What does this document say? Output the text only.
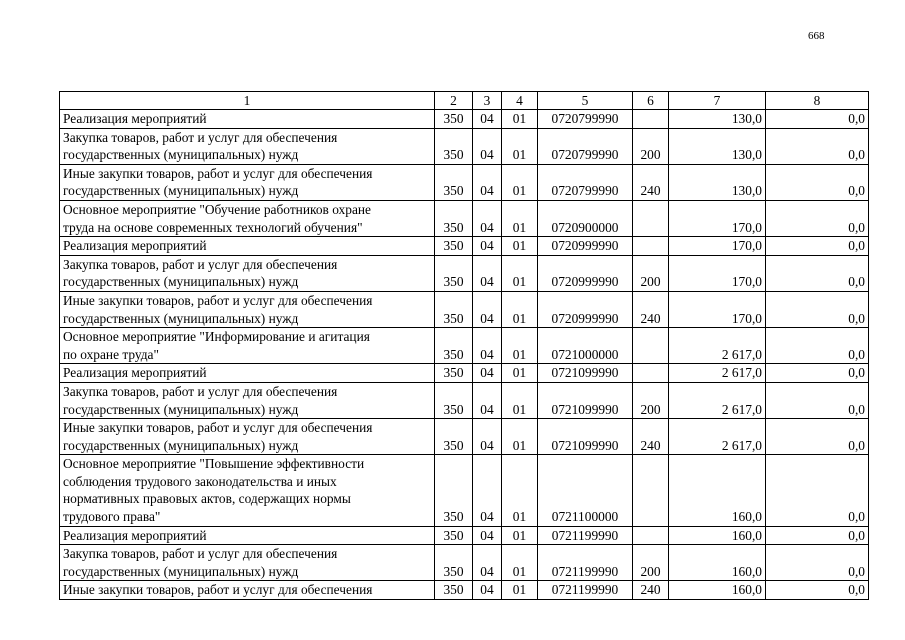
668
1	2	3	4	5	6	7	8

Реализация мероприятий	350	04	01	0720799990		130,0	0,0

Закупка товаров, работ и услуг для обеспечения
государственных (муниципальных) нужд	350	04	01	0720799990	200	130,0	0,0

Иные закупки товаров, работ и услуг для обеспечения
государственных (муниципальных) нужд	350	04	01	0720799990	240	130,0	0,0

Основное мероприятие "Обучение работников охране
труда на основе современных технологий обучения"	350	04	01	0720900000		170,0	0,0

Реализация мероприятий	350	04	01	0720999990		170,0	0,0

Закупка товаров, работ и услуг для обеспечения
государственных (муниципальных) нужд	350	04	01	0720999990	200	170,0	0,0

Иные закупки товаров, работ и услуг для обеспечения
государственных (муниципальных) нужд	350	04	01	0720999990	240	170,0	0,0

Основное мероприятие "Информирование и агитация
по охране труда"	350	04	01	0721000000		2 617,0	0,0

Реализация мероприятий	350	04	01	0721099990		2 617,0	0,0

Закупка товаров, работ и услуг для обеспечения
государственных (муниципальных) нужд	350	04	01	0721099990	200	2 617,0	0,0

Иные закупки товаров, работ и услуг для обеспечения
государственных (муниципальных) нужд	350	04	01	0721099990	240	2 617,0	0,0

Основное мероприятие "Повышение эффективности
соблюдения трудового законодательства и иных
нормативных правовых актов, содержащих нормы
трудового права"	350	04	01	0721100000		160,0	0,0

Реализация мероприятий	350	04	01	0721199990		160,0	0,0

Закупка товаров, работ и услуг для обеспечения
государственных (муниципальных) нужд	350	04	01	0721199990	200	160,0	0,0

Иные закупки товаров, работ и услуг для обеспечения	350	04	01	0721199990	240	160,0	0,0
